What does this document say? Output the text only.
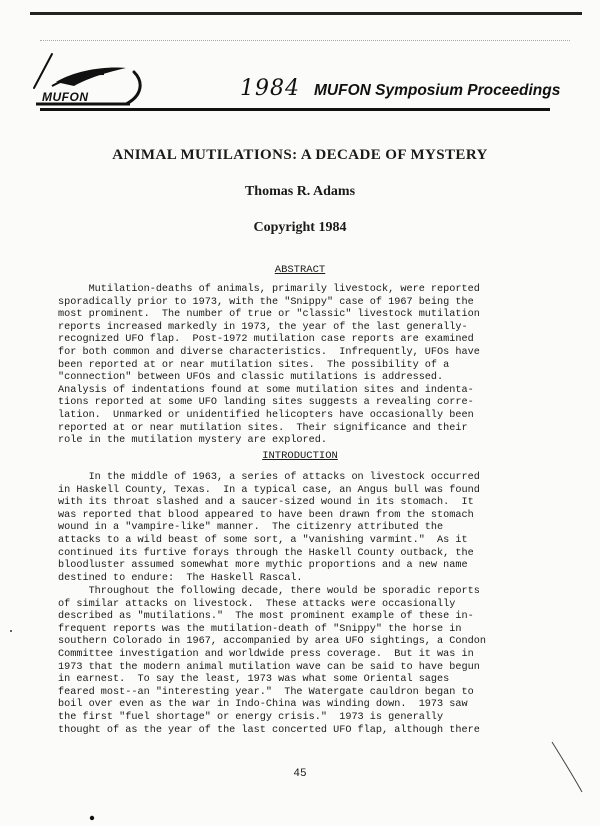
MUFON	1984 MUFON Symposium Proceedings
ANIMAL MUTILATIONS: A DECADE OF MYSTERY
Thomas R. Adams
Copyright 1984
ABSTRACT
Mutilation-deaths of animals, primarily livestock, were reported
sporadically prior to 1973, with the "Snippy" case of 1967 being the
most prominent.  The number of true or "classic" livestock mutilation
reports increased markedly in 1973, the year of the last generally-
recognized UFO flap.  Post-1972 mutilation case reports are examined
for both common and diverse characteristics.  Infrequently, UFOs have
been reported at or near mutilation sites.  The possibility of a
"connection" between UFOs and classic mutilations is addressed.
Analysis of indentations found at some mutilation sites and indenta-
tions reported at some UFO landing sites suggests a revealing corre-
lation.  Unmarked or unidentified helicopters have occasionally been
reported at or near mutilation sites.  Their significance and their
role in the mutilation mystery are explored.
INTRODUCTION
In the middle of 1963, a series of attacks on livestock occurred
in Haskell County, Texas.  In a typical case, an Angus bull was found
with its throat slashed and a saucer-sized wound in its stomach.  It
was reported that blood appeared to have been drawn from the stomach
wound in a "vampire-like" manner.  The citizenry attributed the
attacks to a wild beast of some sort, a "vanishing varmint."  As it
continued its furtive forays through the Haskell County outback, the
bloodluster assumed somewhat more mythic proportions and a new name
destined to endure:  The Haskell Rascal.
Throughout the following decade, there would be sporadic reports
of similar attacks on livestock.  These attacks were occasionally
described as "mutilations."  The most prominent example of these in-
frequent reports was the mutilation-death of "Snippy" the horse in
southern Colorado in 1967, accompanied by area UFO sightings, a Condon
Committee investigation and worldwide press coverage.  But it was in
1973 that the modern animal mutilation wave can be said to have begun
in earnest.  To say the least, 1973 was what some Oriental sages
feared most--an "interesting year."  The Watergate cauldron began to
boil over even as the war in Indo-China was winding down.  1973 saw
the first "fuel shortage" or energy crisis."  1973 is generally
thought of as the year of the last concerted UFO flap, although there
45
